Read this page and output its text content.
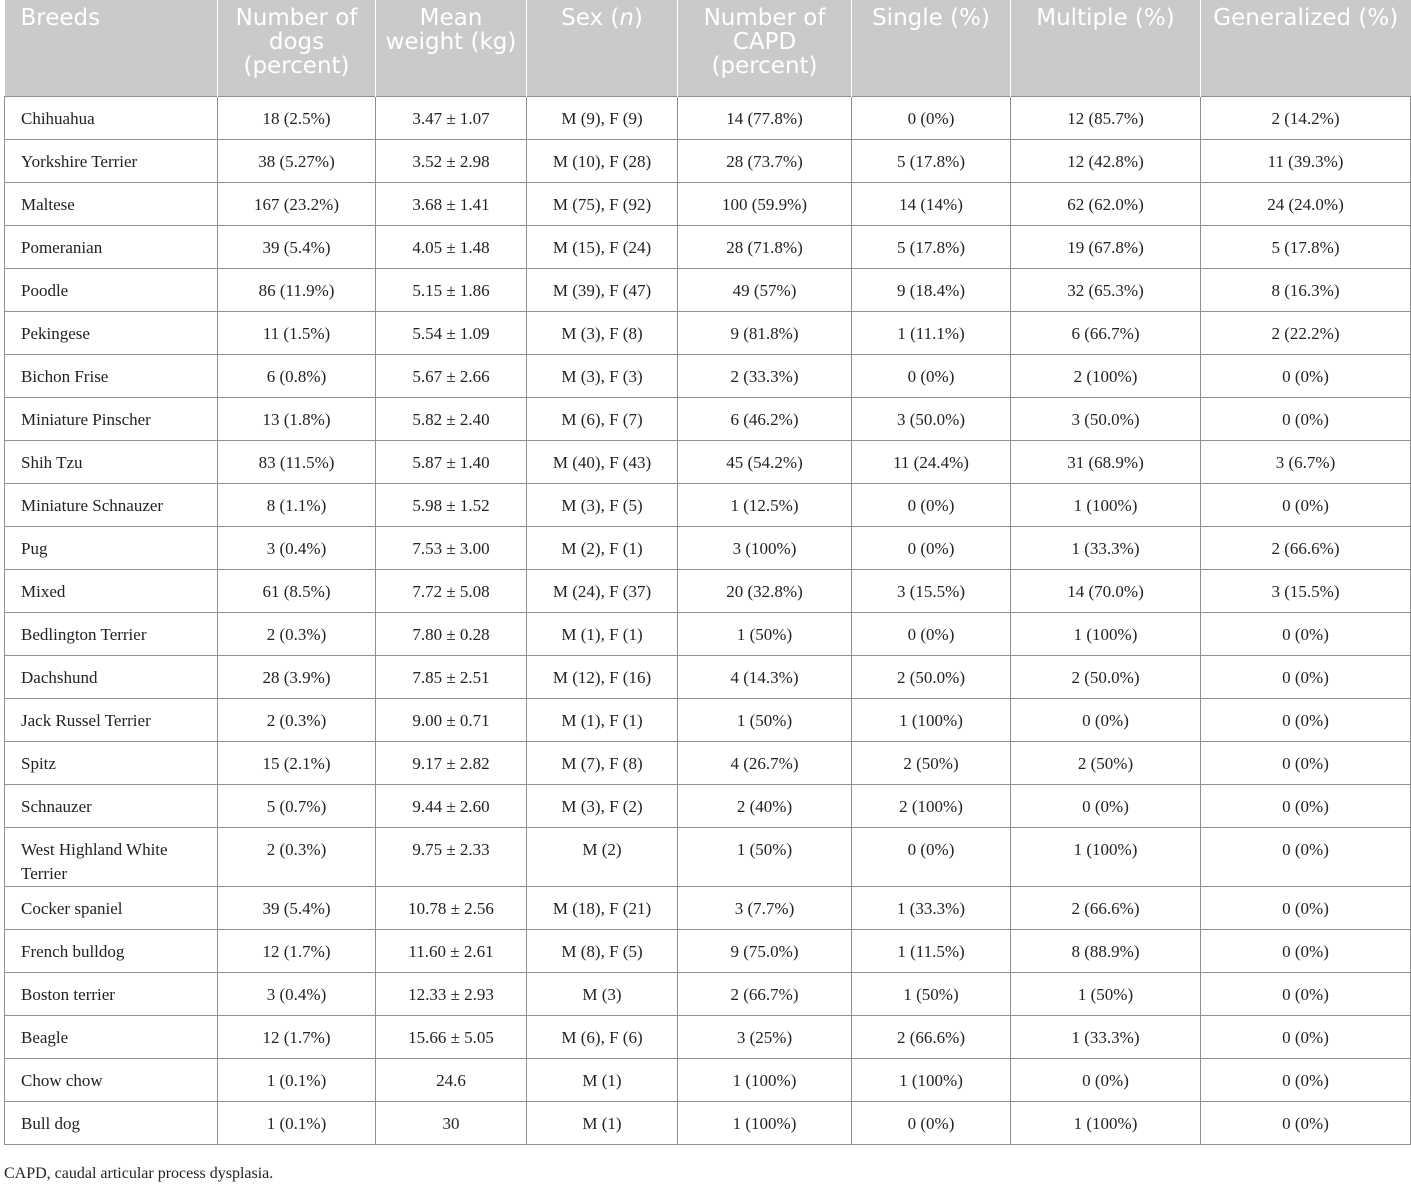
Breeds	Number of dogs (percent)	Mean weight (kg)	Sex (n)	Number of CAPD (percent)	Single (%)	Multiple (%)	Generalized (%)
Chihuahua	18 (2.5%)	3.47 ± 1.07	M (9), F (9)	14 (77.8%)	0 (0%)	12 (85.7%)	2 (14.2%)
Yorkshire Terrier	38 (5.27%)	3.52 ± 2.98	M (10), F (28)	28 (73.7%)	5 (17.8%)	12 (42.8%)	11 (39.3%)
Maltese	167 (23.2%)	3.68 ± 1.41	M (75), F (92)	100 (59.9%)	14 (14%)	62 (62.0%)	24 (24.0%)
Pomeranian	39 (5.4%)	4.05 ± 1.48	M (15), F (24)	28 (71.8%)	5 (17.8%)	19 (67.8%)	5 (17.8%)
Poodle	86 (11.9%)	5.15 ± 1.86	M (39), F (47)	49 (57%)	9 (18.4%)	32 (65.3%)	8 (16.3%)
Pekingese	11 (1.5%)	5.54 ± 1.09	M (3), F (8)	9 (81.8%)	1 (11.1%)	6 (66.7%)	2 (22.2%)
Bichon Frise	6 (0.8%)	5.67 ± 2.66	M (3), F (3)	2 (33.3%)	0 (0%)	2 (100%)	0 (0%)
Miniature Pinscher	13 (1.8%)	5.82 ± 2.40	M (6), F (7)	6 (46.2%)	3 (50.0%)	3 (50.0%)	0 (0%)
Shih Tzu	83 (11.5%)	5.87 ± 1.40	M (40), F (43)	45 (54.2%)	11 (24.4%)	31 (68.9%)	3 (6.7%)
Miniature Schnauzer	8 (1.1%)	5.98 ± 1.52	M (3), F (5)	1 (12.5%)	0 (0%)	1 (100%)	0 (0%)
Pug	3 (0.4%)	7.53 ± 3.00	M (2), F (1)	3 (100%)	0 (0%)	1 (33.3%)	2 (66.6%)
Mixed	61 (8.5%)	7.72 ± 5.08	M (24), F (37)	20 (32.8%)	3 (15.5%)	14 (70.0%)	3 (15.5%)
Bedlington Terrier	2 (0.3%)	7.80 ± 0.28	M (1), F (1)	1 (50%)	0 (0%)	1 (100%)	0 (0%)
Dachshund	28 (3.9%)	7.85 ± 2.51	M (12), F (16)	4 (14.3%)	2 (50.0%)	2 (50.0%)	0 (0%)
Jack Russel Terrier	2 (0.3%)	9.00 ± 0.71	M (1), F (1)	1 (50%)	1 (100%)	0 (0%)	0 (0%)
Spitz	15 (2.1%)	9.17 ± 2.82	M (7), F (8)	4 (26.7%)	2 (50%)	2 (50%)	0 (0%)
Schnauzer	5 (0.7%)	9.44 ± 2.60	M (3), F (2)	2 (40%)	2 (100%)	0 (0%)	0 (0%)
West Highland White Terrier	2 (0.3%)	9.75 ± 2.33	M (2)	1 (50%)	0 (0%)	1 (100%)	0 (0%)
Cocker spaniel	39 (5.4%)	10.78 ± 2.56	M (18), F (21)	3 (7.7%)	1 (33.3%)	2 (66.6%)	0 (0%)
French bulldog	12 (1.7%)	11.60 ± 2.61	M (8), F (5)	9 (75.0%)	1 (11.5%)	8 (88.9%)	0 (0%)
Boston terrier	3 (0.4%)	12.33 ± 2.93	M (3)	2 (66.7%)	1 (50%)	1 (50%)	0 (0%)
Beagle	12 (1.7%)	15.66 ± 5.05	M (6), F (6)	3 (25%)	2 (66.6%)	1 (33.3%)	0 (0%)
Chow chow	1 (0.1%)	24.6	M (1)	1 (100%)	1 (100%)	0 (0%)	0 (0%)
Bull dog	1 (0.1%)	30	M (1)	1 (100%)	0 (0%)	1 (100%)	0 (0%)
CAPD, caudal articular process dysplasia.
